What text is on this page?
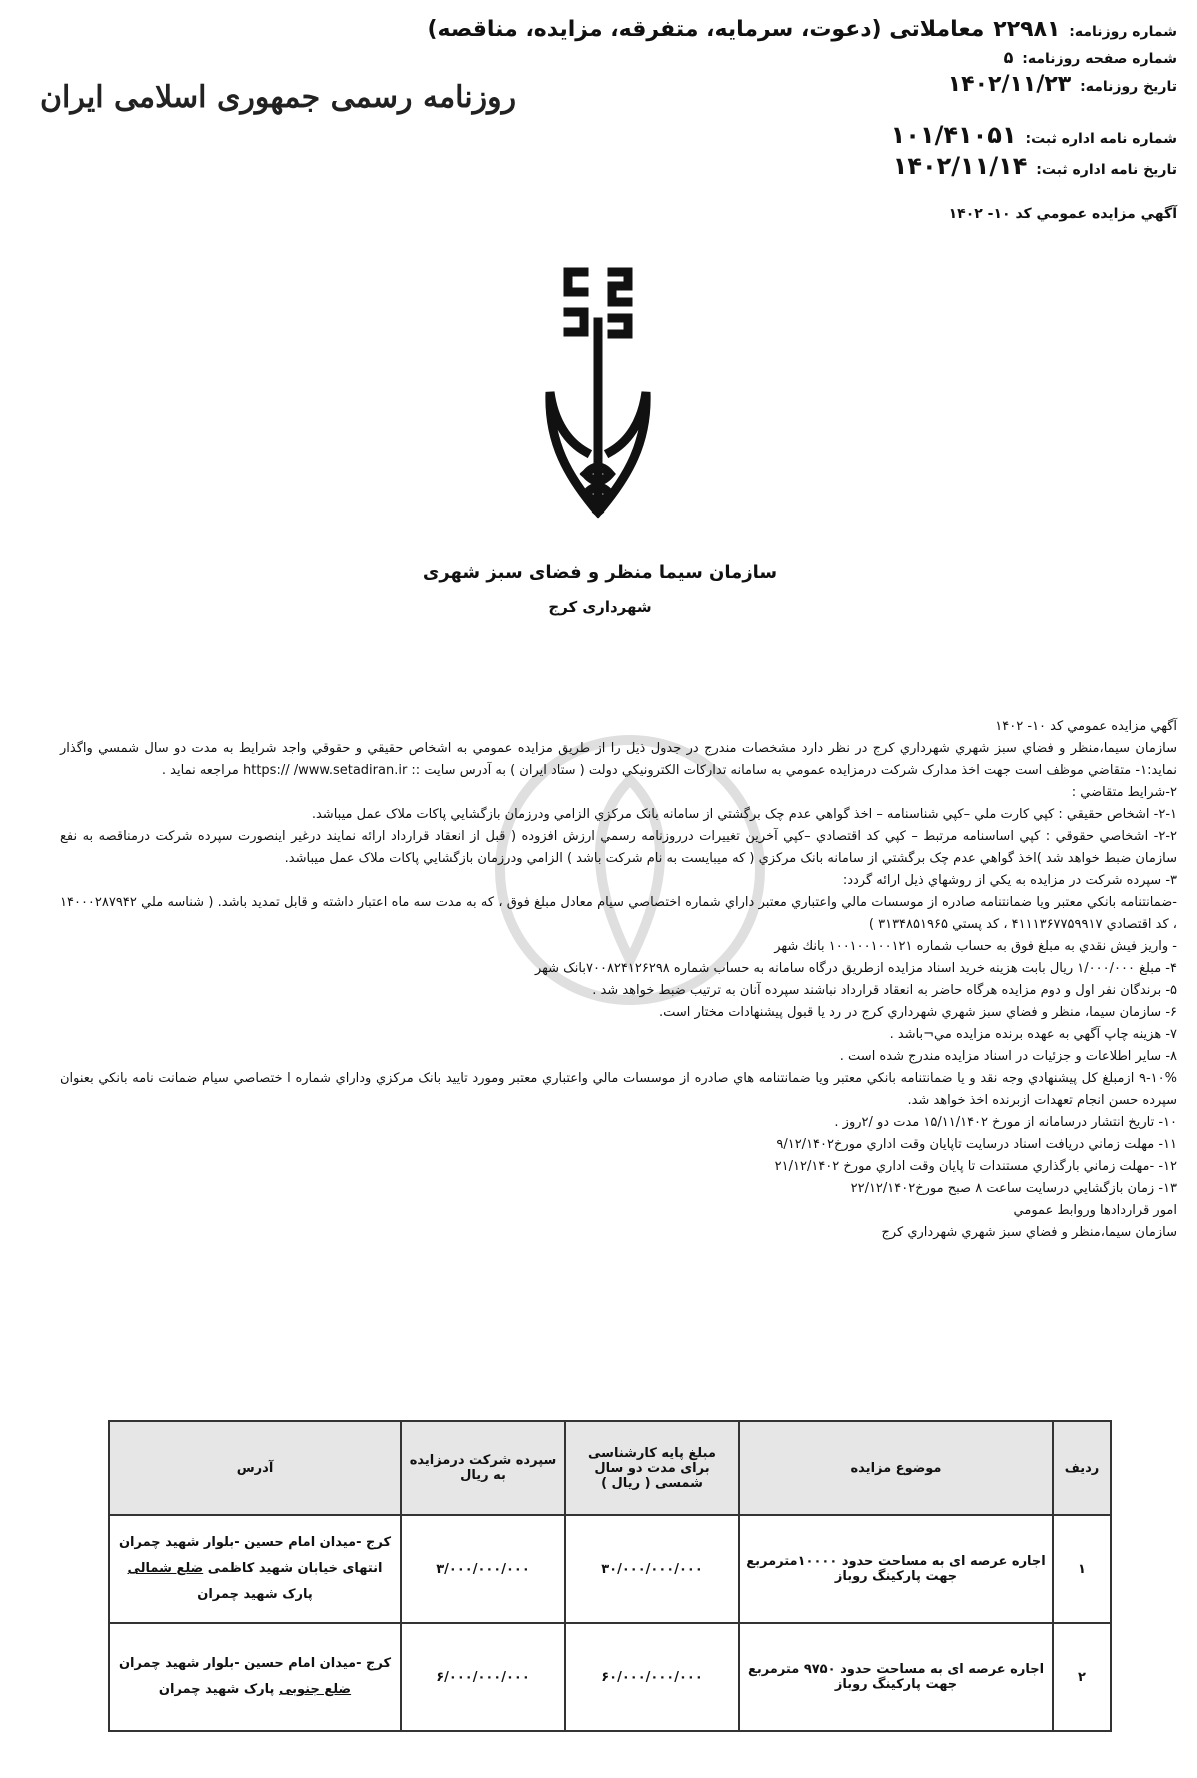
شماره روزنامه: ۲۲۹۸۱ معاملاتی (دعوت، سرمایه، متفرقه، مزایده، مناقصه)
شماره صفحه روزنامه: ۵
تاریخ روزنامه: ۱۴۰۲/۱۱/۲۳
روزنامه رسمی جمهوری اسلامی ایران
شماره نامه اداره ثبت: ۱۰۱/۴۱۰۵۱
تاریخ نامه اداره ثبت: ۱۴۰۲/۱۱/۱۴
آگهي مزايده عمومي کد ۱۰- ۱۴۰۲
سازمان سیما منظر و فضای سبز شهری
شهرداری کرج

آگهي مزايده عمومي کد ۱۰- ۱۴۰۲

سازمان سيما،منظر و فضاي سبز شهري شهرداري كرج در نظر دارد مشخصات مندرج در جدول ذيل را از طريق مزايده عمومي به اشخاص حقيقي و حقوقي واجد شرايط به مدت دو سال شمسي واگذار نمايد:۱- متقاضي موظف است جهت اخذ مدارک شرکت درمزايده عمومي به سامانه تدارکات الکترونيکي دولت ( ستاد ايران ) به آدرس سايت :: https:// /www.setadiran.ir مراجعه نمايد .

۲-شرايط متقاضي :

۲-۱- اشخاص حقيقي : كپي كارت ملي –كپي شناسنامه – اخذ گواهي عدم چک برگشتي از سامانه بانک مرکزي الزامي ودرزمان بازگشايي پاكات ملاک عمل ميباشد.

۲-۲- اشخاصي حقوقي : کپي اساسنامه مرتبط – کپي کد اقتصادي –کپي آخرين تغييرات درروزنامه رسمي ارزش افزوده ( قبل از انعقاد قرارداد ارائه نمايند درغير اينصورت سپرده شركت درمناقصه به نفع سازمان ضبط خواهد شد )اخذ گواهي عدم چک برگشتي از سامانه بانک مرکزي ( که ميبايست به نام شرکت باشد ) الزامي ودرزمان بازگشايي پاكات ملاک عمل ميباشد.

۳- سپرده شركت در مزايده به يكي از روشهاي ذيل ارائه گردد:

-ضمانتنامه بانكي معتبر ويا ضمانتنامه صادره از موسسات مالي واعتباري معتبر داراي شماره اختصاصي سيام معادل مبلغ فوق ، كه به مدت سه ماه اعتبار داشته و قابل تمديد باشد. ( شناسه ملي ۱۴۰۰۰۲۸۷۹۴۲ ، کد اقتصادي ۴۱۱۱۳۶۷۷۵۹۹۱۷ ، کد پستي ۳۱۳۴۸۵۱۹۶۵ )

- واريز فيش نقدي به مبلغ فوق به حساب شماره ۱۰۰۱۰۰۱۰۰۱۲۱ بانك شهر

۴- مبلغ ۱/۰۰۰/۰۰۰ ريال بابت هزينه خريد اسناد مزايده ازطريق درگاه سامانه به حساب شماره ۷۰۰۸۲۴۱۲۶۲۹۸بانک شهر

۵- برندگان نفر اول و دوم مزايده هرگاه حاضر به انعقاد قرارداد نباشند سپرده آنان به ترتيب ضبط خواهد شد .

۶- سازمان سيما، منظر و فضاي سبز شهري شهرداري كرج در رد يا قبول پيشنهادات مختار است.

۷- هزينه چاپ آگهي به عهده برنده مزايده مي¬باشد .

۸- ساير اطلاعات و جزئيات در اسناد مزايده مندرج شده است .

۹-۱۰% ازمبلغ كل پيشنهادي وجه نقد و يا ضمانتنامه بانكي معتبر ويا ضمانتنامه هاي صادره از موسسات مالي واعتباري معتبر ومورد تاييد بانک مرکزي وداراي شماره ا ختصاصي سيام ضمانت نامه بانكي بعنوان سپرده حسن انجام تعهدات ازبرنده اخذ خواهد شد.

۱۰- تاريخ انتشار درسامانه از مورخ ۱۵/۱۱/۱۴۰۲ مدت دو /۲روز .

۱۱- مهلت زماني دريافت اسناد درسايت تاپايان وقت اداري مورخ۹/۱۲/۱۴۰۲

۱۲- -مهلت زماني بارگذاري مستندات تا پايان وقت اداري مورخ ۲۱/۱۲/۱۴۰۲

۱۳- زمان بازگشايي درسايت ساعت ۸ صبح مورخ۲۲/۱۲/۱۴۰۲

امور قراردادها وروابط عمومي

سازمان سيما،منظر و فضاي سبز شهري شهرداري كرج

رديف	موضوع مزايده	مبلغ پایه کارشناسی برای مدت دو سال شمسی ( ریال )	سپرده شرکت درمزایده به ریال	آدرس
۱	اجاره عرصه ای به مساحت حدود ۱۰۰۰۰مترمربع جهت پارکینگ روباز	۳۰/۰۰۰/۰۰۰/۰۰۰	۳/۰۰۰/۰۰۰/۰۰۰	کرج -میدان امام حسین -بلوار شهید چمران انتهای خیابان شهید کاظمی ضلع شمالی پارک شهید چمران
۲	اجاره عرصه ای به مساحت حدود ۹۷۵۰ مترمربع جهت پارکینگ روباز	۶۰/۰۰۰/۰۰۰/۰۰۰	۶/۰۰۰/۰۰۰/۰۰۰	کرج -میدان امام حسین -بلوار شهید چمران ضلع جنوبی پارک شهید چمران
